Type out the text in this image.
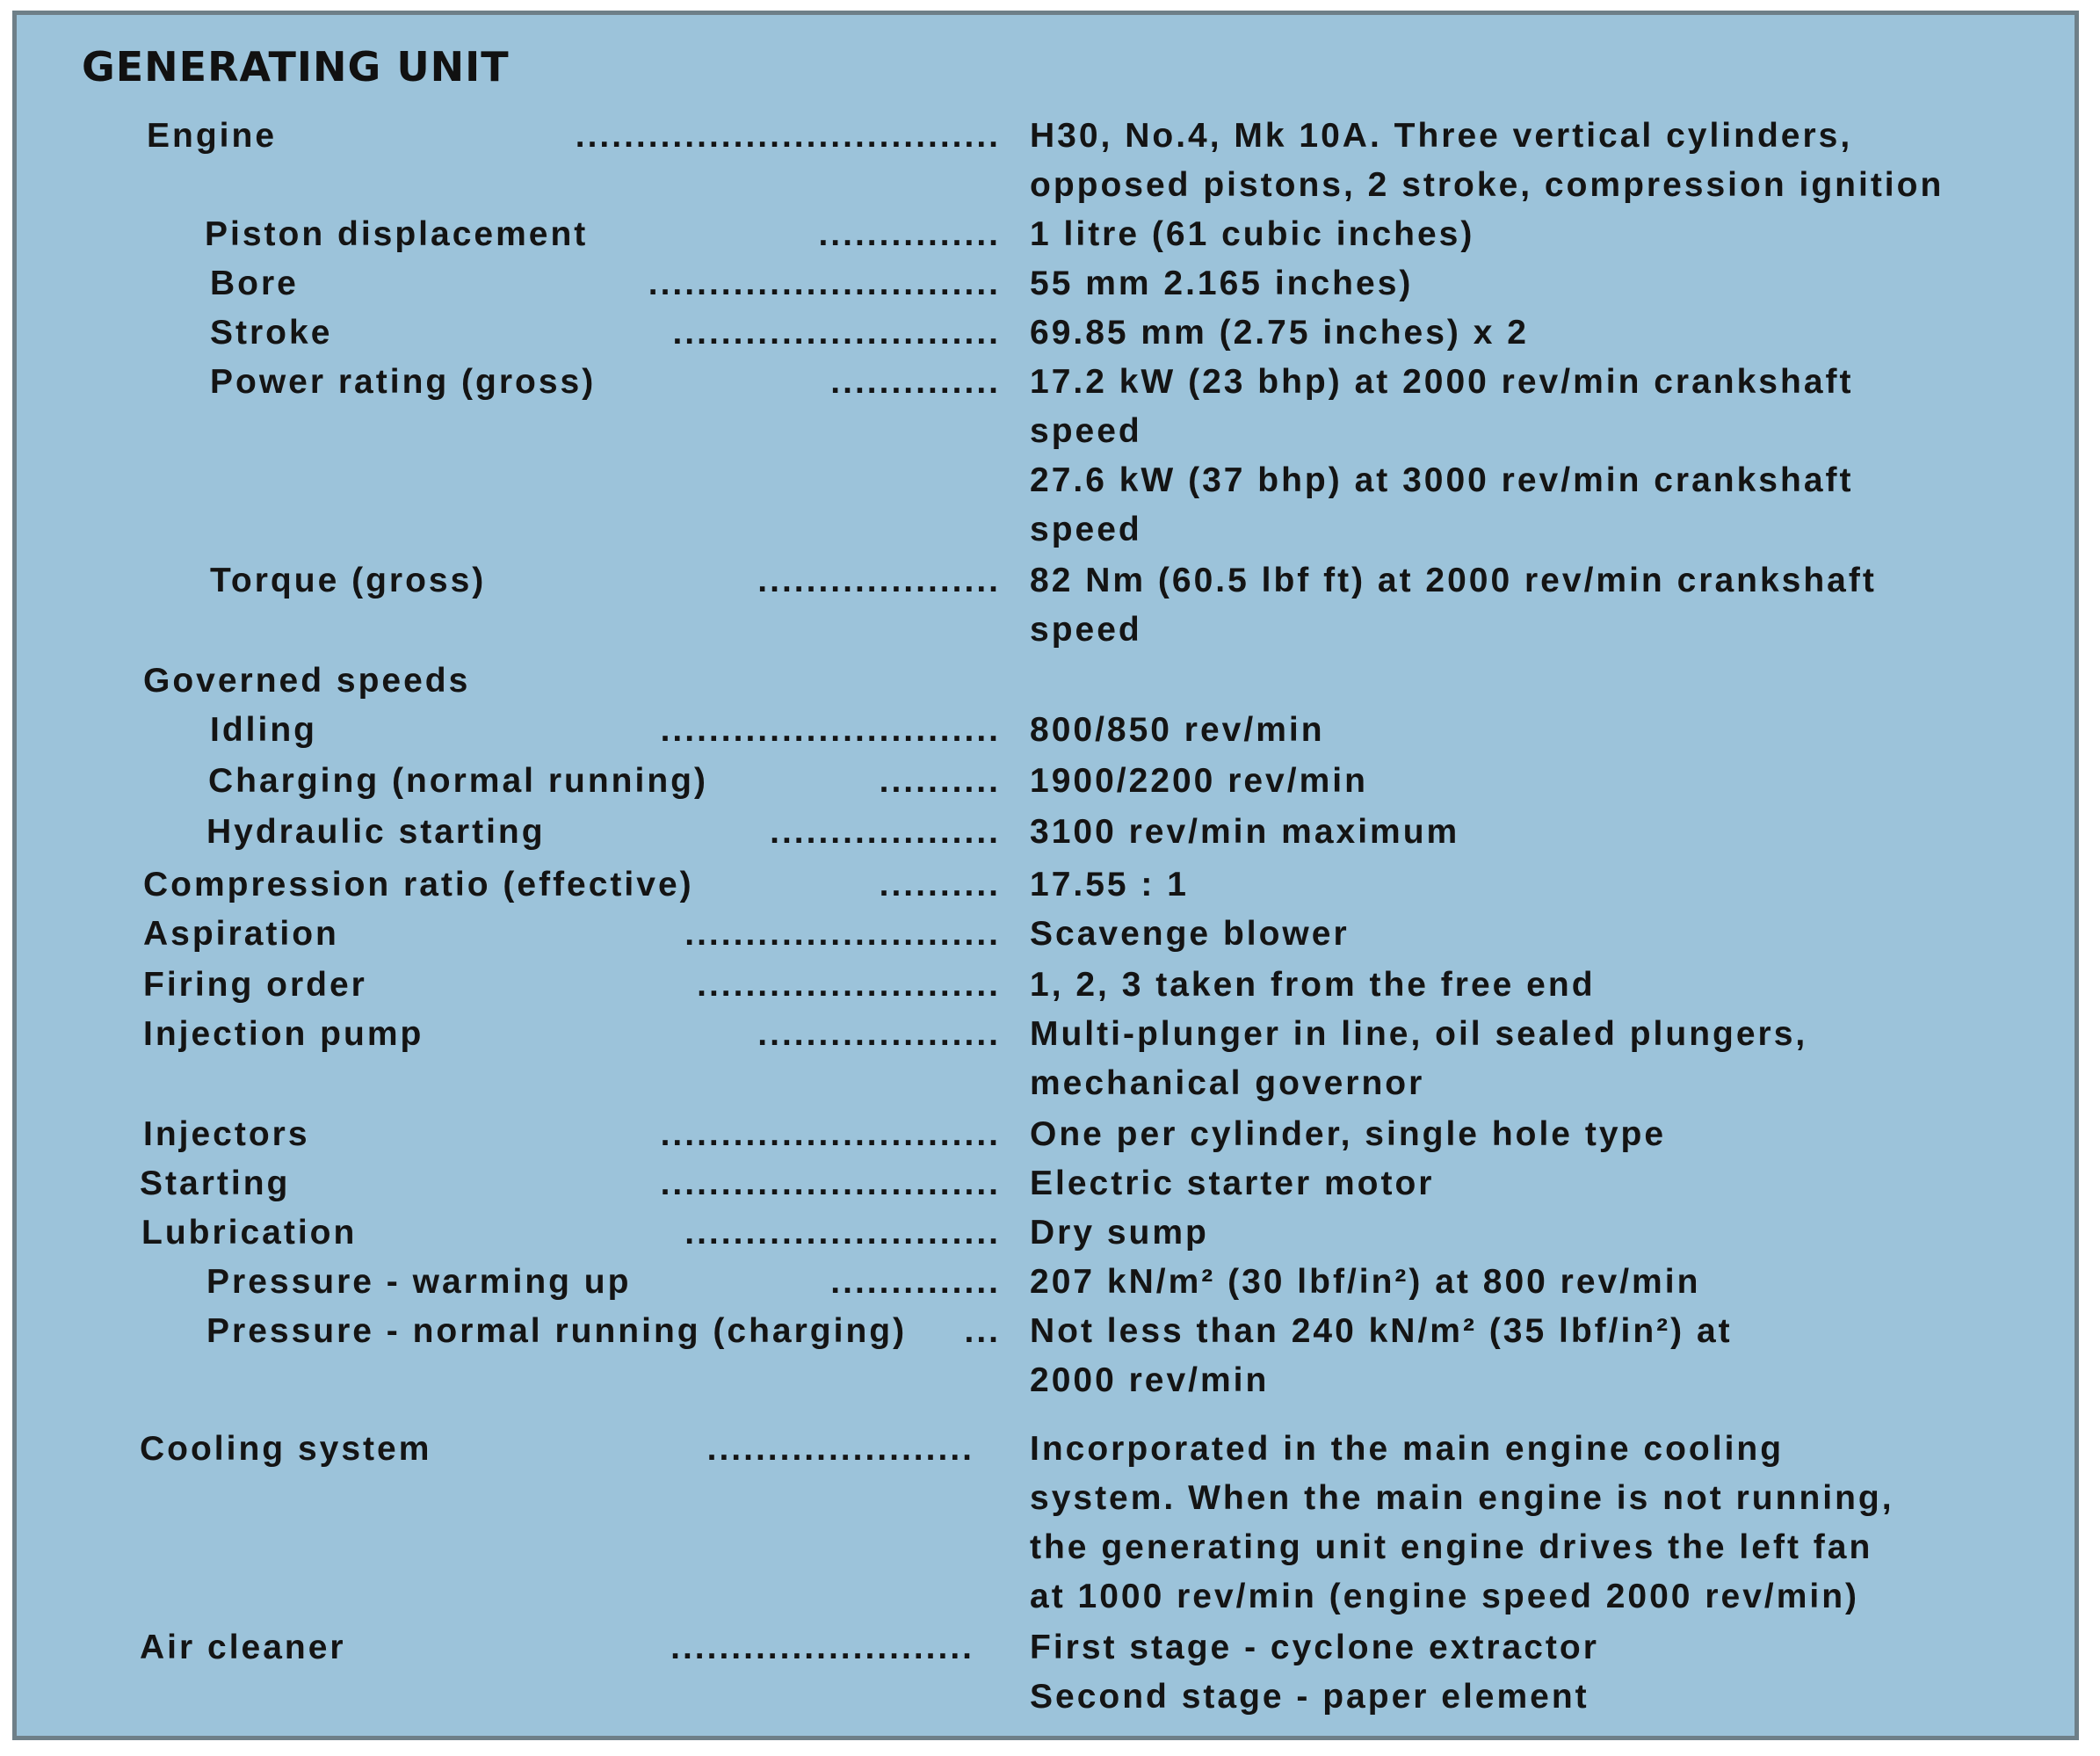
GENERATING UNIT
Engine	................................... H30, No.4, Mk 10A. Three vertical cylinders,
opposed pistons, 2 stroke, compression ignition
Piston displacement	............... 1 litre (61 cubic inches)
Bore	............................. 55 mm 2.165 inches)
Stroke	........................... 69.85 mm (2.75 inches) x 2
Power rating (gross)	.............. 17.2 kW (23 bhp) at 2000 rev/min crankshaft
speed
27.6 kW (37 bhp) at 3000 rev/min crankshaft
speed
Torque (gross)	.................... 82 Nm (60.5 lbf ft) at 2000 rev/min crankshaft
speed
Governed speeds
Idling	............................ 800/850 rev/min
Charging (normal running)	.......... 1900/2200 rev/min
Hydraulic starting	................... 3100 rev/min maximum
Compression ratio (effective)	.......... 17.55 : 1
Aspiration	.......................... Scavenge blower
Firing order	......................... 1, 2, 3 taken from the free end
Injection pump	.................... Multi-plunger in line, oil sealed plungers,
mechanical governor
Injectors	............................ One per cylinder, single hole type
Starting	............................ Electric starter motor
Lubrication	.......................... Dry sump
Pressure - warming up	.............. 207 kN/m² (30 lbf/in²) at 800 rev/min
Pressure - normal running (charging)	... Not less than 240 kN/m² (35 lbf/in²) at
2000 rev/min
Cooling system	...................... Incorporated in the main engine cooling
system. When the main engine is not running,
the generating unit engine drives the left fan
at 1000 rev/min (engine speed 2000 rev/min)
Air cleaner	......................... First stage - cyclone extractor
Second stage - paper element
